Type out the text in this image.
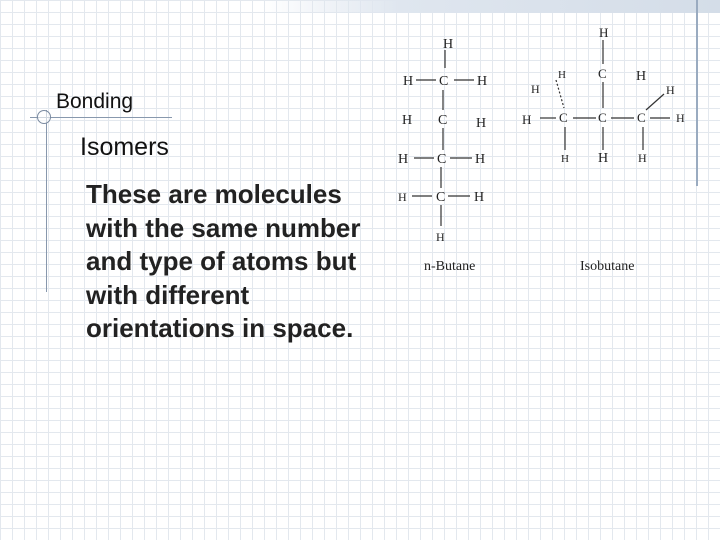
Bonding
Isomers
These are molecules with the same number and type of atoms but with different orientations in space.
H
H C H
H C H
H C H
H C H
H
n-Butane
H
H
H
C H
H
H C C C	H
H H H
Isobutane
